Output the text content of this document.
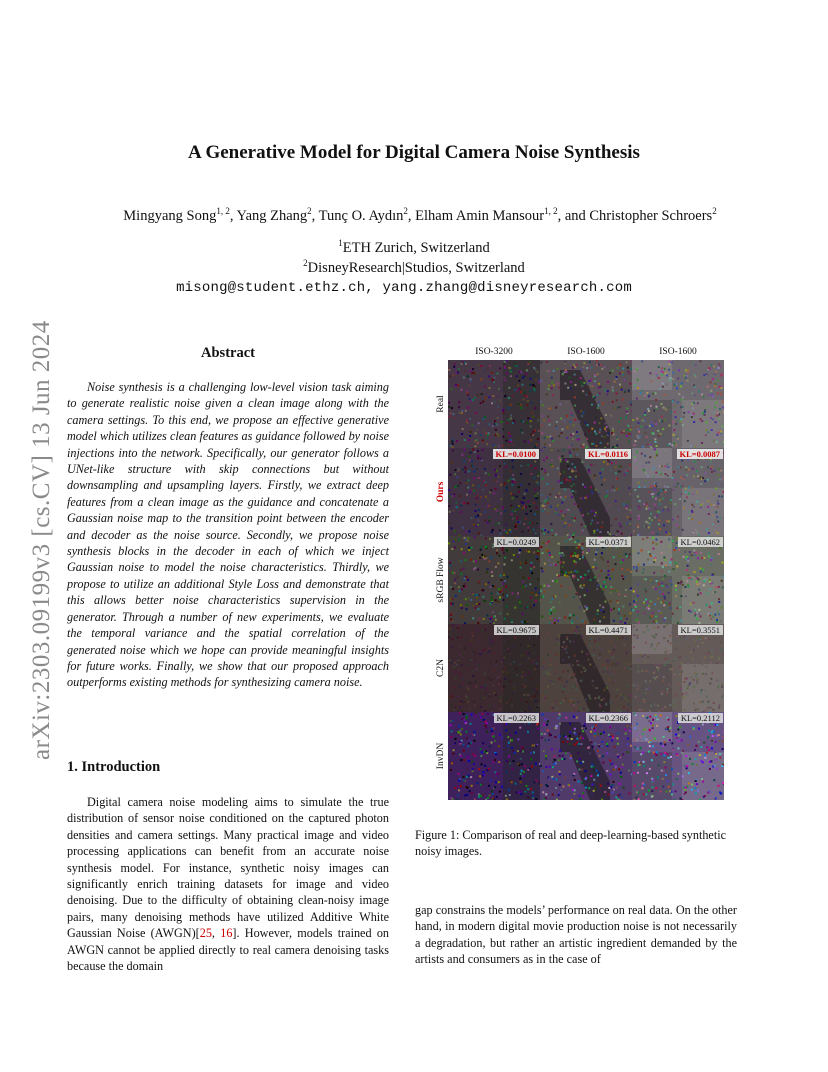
arXiv:2303.09199v3 [cs.CV] 13 Jun 2024
A Generative Model for Digital Camera Noise Synthesis
Mingyang Song$^{1, 2}$, Yang Zhang$^2$, Tunç O. Aydın$^2$, Elham Amin Mansour$^{1, 2}$, and Christopher Schroers$^2$
$^1$ETH Zurich, Switzerland
$^2$DisneyResearch|Studios, Switzerland
misong@student.ethz.ch, yang.zhang@disneyresearch.com
Abstract
Noise synthesis is a challenging low-level vision task aiming to generate realistic noise given a clean image along with the camera settings. To this end, we propose an effective generative model which utilizes clean features as guidance followed by noise injections into the network. Specifically, our generator follows a UNet-like structure with skip connections but without downsampling and upsampling layers. Firstly, we extract deep features from a clean image as the guidance and concatenate a Gaussian noise map to the transition point between the encoder and decoder as the noise source. Secondly, we propose noise synthesis blocks in the decoder in each of which we inject Gaussian noise to model the noise characteristics. Thirdly, we propose to utilize an additional Style Loss and demonstrate that this allows better noise characteristics supervision in the generator. Through a number of new experiments, we evaluate the temporal variance and the spatial correlation of the generated noise which we hope can provide meaningful insights for future works. Finally, we show that our proposed approach outperforms existing methods for synthesizing camera noise.
1. Introduction
Digital camera noise modeling aims to simulate the true distribution of sensor noise conditioned on the captured photon densities and camera settings. Many practical image and video processing applications can benefit from an accurate noise synthesis model. For instance, synthetic noisy images can significantly enrich training datasets for image and video denoising. Due to the difficulty of obtaining clean-noisy image pairs, many denoising methods have utilized Additive White Gaussian Noise (AWGN)[25, 16]. However, models trained on AWGN cannot be applied directly to real camera denoising tasks because the domain
ISO-3200	ISO-1600	ISO-1600
Real
Ours
KL=0.0100	KL=0.0116	KL=0.0087
sRGB Flow
KL=0.0249	KL=0.0371	KL=0.0462
C2N
KL=0.9675	KL=0.4471	KL=0.3551
InvDN
KL=0.2263	KL=0.2366	KL=0.2112
Figure 1: Comparison of real and deep-learning-based synthetic noisy images.
gap constrains the models’ performance on real data. On the other hand, in modern digital movie production noise is not necessarily a degradation, but rather an artistic ingredient demanded by the artists and consumers as in the case of
